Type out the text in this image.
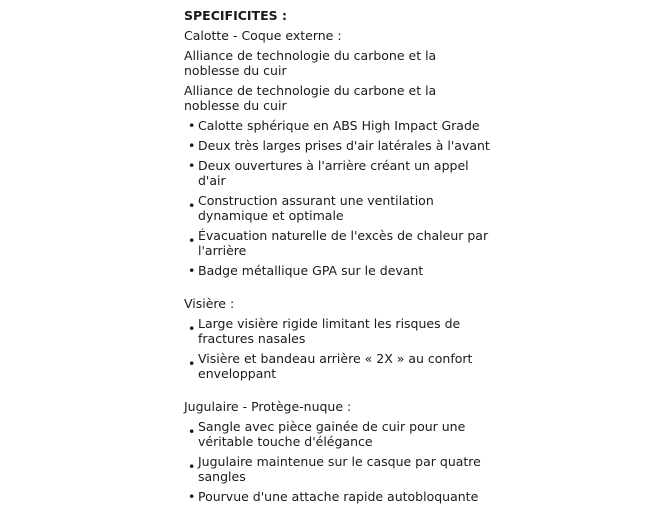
SPECIFICITES :
Calotte - Coque externe :
Alliance de technologie du carbone et la noblesse du cuir
Alliance de technologie du carbone et la noblesse du cuir
• Calotte sphérique en ABS High Impact Grade
• Deux très larges prises d'air latérales à l'avant
• Deux ouvertures à l'arrière créant un appel d'air
• Construction assurant une ventilation dynamique et optimale
• Évacuation naturelle de l'excès de chaleur par l'arrière
• Badge métallique GPA sur le devant
Visière :
• Large visière rigide limitant les risques de fractures nasales
• Visière et bandeau arrière « 2X » au confort enveloppant
Jugulaire - Protège-nuque :
• Sangle avec pièce gainée de cuir pour une véritable touche d'élégance
• Jugulaire maintenue sur le casque par quatre sangles
• Pourvue d'une attache rapide autobloquante
